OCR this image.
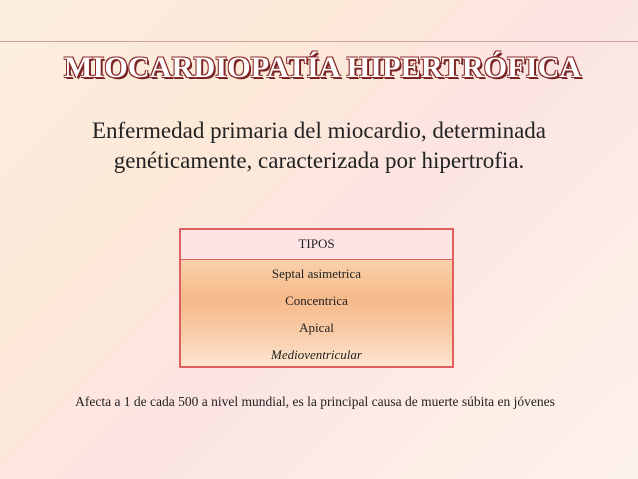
MIOCARDIOPATÍA HIPERTRÓFICA

Enfermedad primaria del miocardio, determinada genéticamente, caracterizada por hipertrofia.

TIPOS
Septal asimetrica
Concentrica
Apical
Medioventricular

Afecta a 1 de cada 500 a nivel mundial, es la principal causa de muerte súbita en jóvenes
